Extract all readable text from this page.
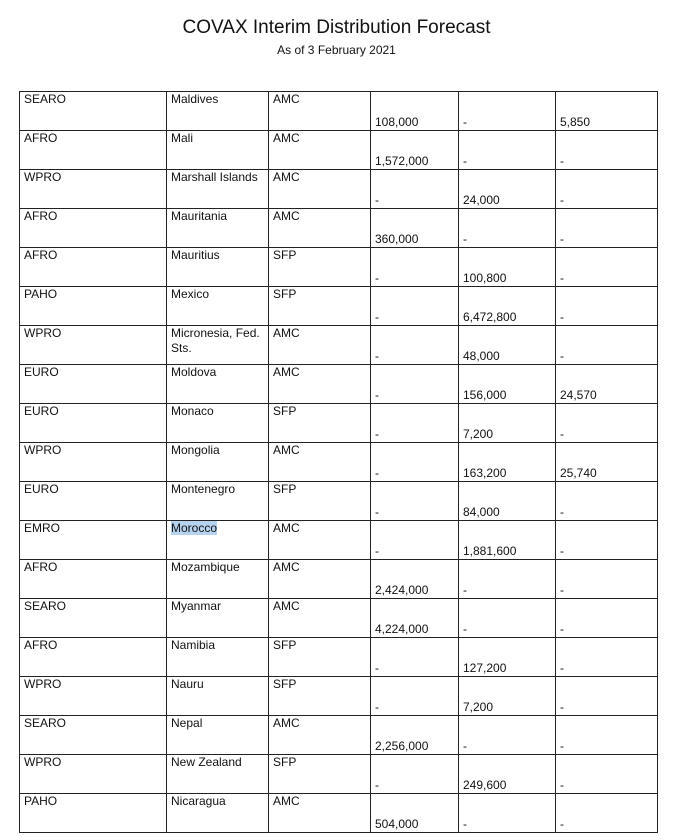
COVAX Interim Distribution Forecast
As of 3 February 2021
SEARO	Maldives	AMC	108,000	-	5,850
AFRO	Mali	AMC	1,572,000	-	-
WPRO	Marshall Islands	AMC	-	24,000	-
AFRO	Mauritania	AMC	360,000	-	-
AFRO	Mauritius	SFP	-	100,800	-
PAHO	Mexico	SFP	-	6,472,800	-
WPRO	Micronesia, Fed. Sts.	AMC	-	48,000	-
EURO	Moldova	AMC	-	156,000	24,570
EURO	Monaco	SFP	-	7,200	-
WPRO	Mongolia	AMC	-	163,200	25,740
EURO	Montenegro	SFP	-	84,000	-
EMRO	Morocco	AMC	-	1,881,600	-
AFRO	Mozambique	AMC	2,424,000	-	-
SEARO	Myanmar	AMC	4,224,000	-	-
AFRO	Namibia	SFP	-	127,200	-
WPRO	Nauru	SFP	-	7,200	-
SEARO	Nepal	AMC	2,256,000	-	-
WPRO	New Zealand	SFP	-	249,600	-
PAHO	Nicaragua	AMC	504,000	-	-
